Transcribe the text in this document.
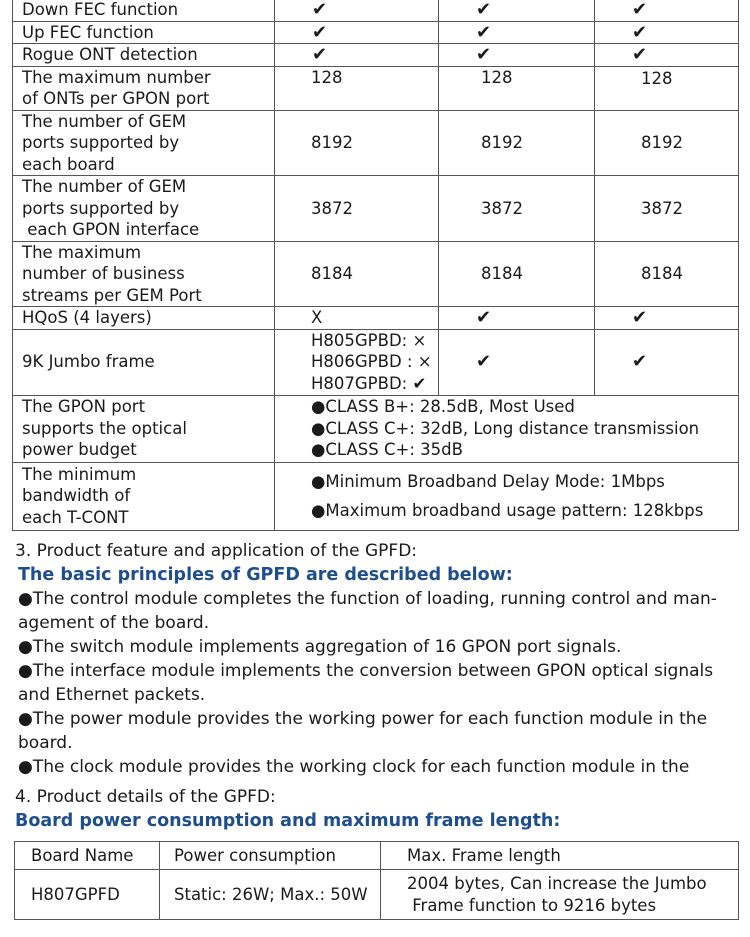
Down FEC function	✔	✔	✔
Up FEC function	✔	✔	✔
Rogue ONT detection	✔	✔	✔

The maximum number
of ONTs per GPON port	128	128	128

The number of GEM
ports supported by
each board	8192	8192	8192

The number of GEM
ports supported by
each GPON interface	3872	3872	3872

The maximum
number of business
streams per GEM Port	8184	8184	8184
HQoS (4 layers)	X	✔	✔
9K Jumbo frame	H805GPBD: ×
H806GPBD : ×
H807GPBD: ✔	✔	✔

The GPON port
supports the optical
power budget	●CLASS B+: 28.5dB, Most Used
●CLASS C+: 32dB, Long distance transmission
●CLASS C+: 35dB		

The minimum
bandwidth of
each T-CONT	●Minimum Broadband Delay Mode: 1Mbps
●Maximum broadband usage pattern: 128kbps		
3. Product feature and application of the GPFD:
The basic principles of GPFD are described below:
●The control module completes the function of loading, running control and man-
agement of the board.
●The switch module implements aggregation of 16 GPON port signals.
●The interface module implements the conversion between GPON optical signals
and Ethernet packets.
●The power module provides the working power for each function module in the
board.
●The clock module provides the working clock for each function module in the
4. Product details of the GPFD:
Board power consumption and maximum frame length:
Board Name	Power consumption	Max. Frame length
H807GPFD	Static: 26W; Max.: 50W	2004 bytes, Can increase the Jumbo
Frame function to 9216 bytes
